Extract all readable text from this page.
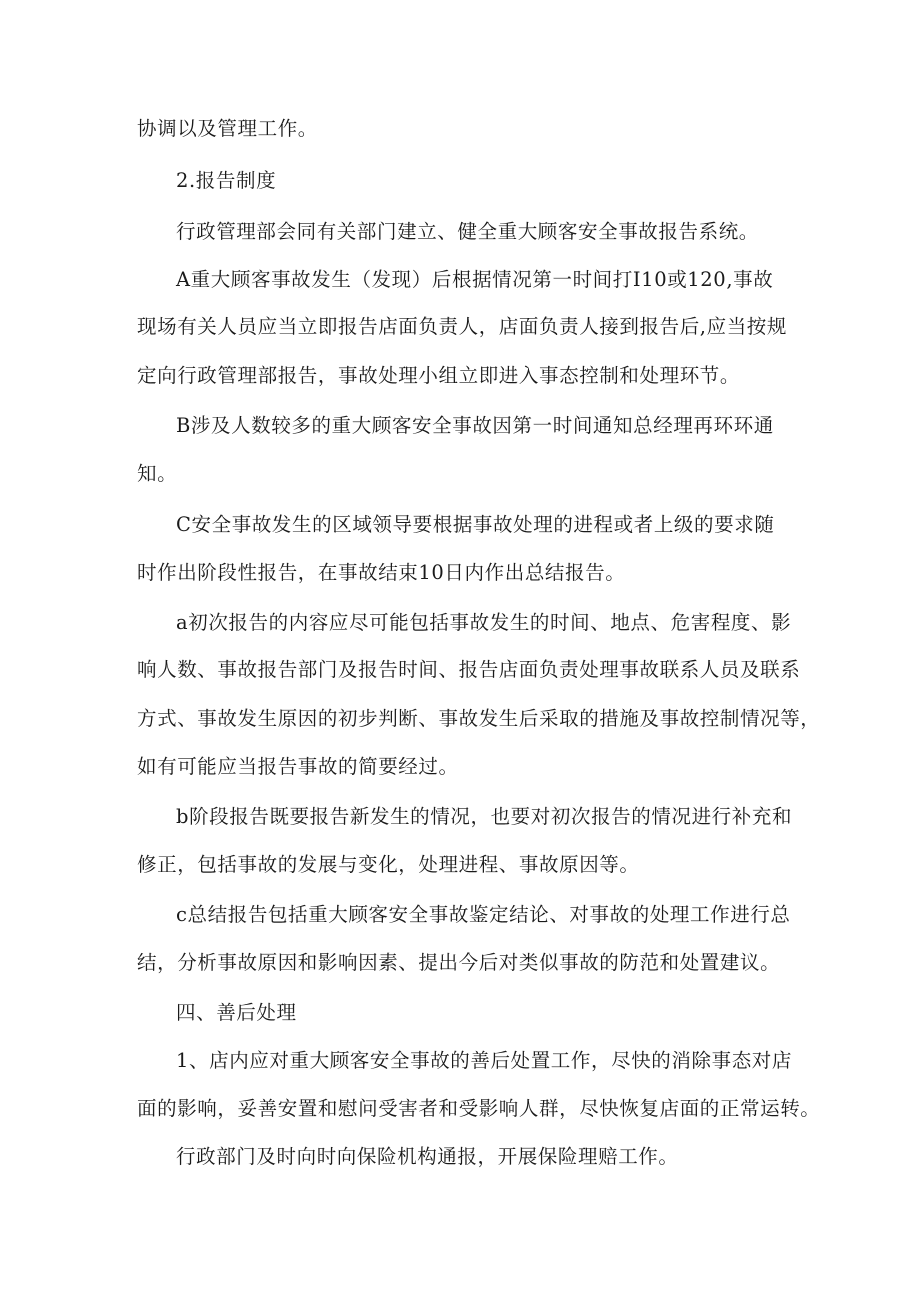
协调以及管理工作。
2.报告制度
行政管理部会同有关部门建立、健全重大顾客安全事故报告系统。
A重大顾客事故发生（发现）后根据情况第一时间打I10或120,事故
现场有关人员应当立即报告店面负责人，店面负责人接到报告后,应当按规
定向行政管理部报告，事故处理小组立即进入事态控制和处理环节。
B涉及人数较多的重大顾客安全事故因第一时间通知总经理再环环通
知。
C安全事故发生的区域领导要根据事故处理的进程或者上级的要求随
时作出阶段性报告，在事故结束10日内作出总结报告。
a初次报告的内容应尽可能包括事故发生的时间、地点、危害程度、影
响人数、事故报告部门及报告时间、报告店面负责处理事故联系人员及联系
方式、事故发生原因的初步判断、事故发生后采取的措施及事故控制情况等，
如有可能应当报告事故的简要经过。
b阶段报告既要报告新发生的情况，也要对初次报告的情况进行补充和
修正，包括事故的发展与变化，处理进程、事故原因等。
c总结报告包括重大顾客安全事故鉴定结论、对事故的处理工作进行总
结，分析事故原因和影响因素、提出今后对类似事故的防范和处置建议。
四、善后处理
1、店内应对重大顾客安全事故的善后处置工作，尽快的消除事态对店
面的影响，妥善安置和慰问受害者和受影响人群，尽快恢复店面的正常运转。
行政部门及时向时向保险机构通报，开展保险理赔工作。
